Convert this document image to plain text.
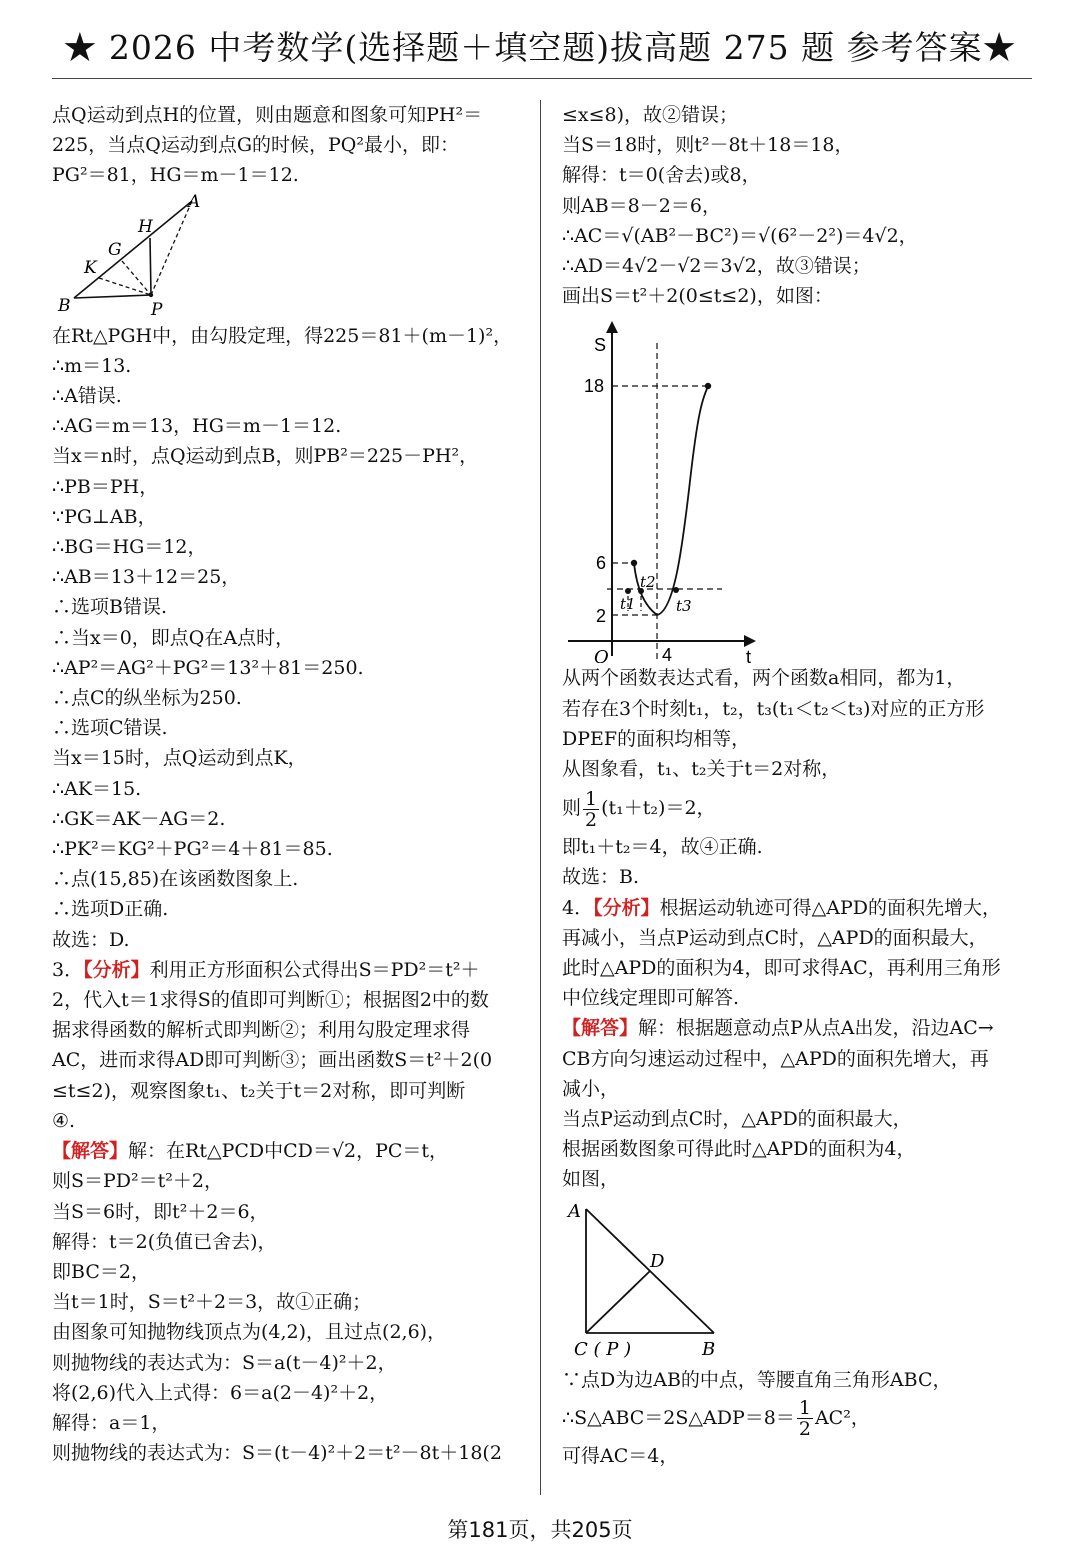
★ 2026 中考数学(选择题＋填空题)拔高题 275 题 参考答案★
点Q运动到点H的位置，则由题意和图象可知PH²＝
225，当点Q运动到点G的时候，PQ²最小，即：
PG²＝81，HG＝m－1＝12.
A
H
G
K
B	P
在Rt△PGH中，由勾股定理，得225＝81＋(m－1)²，
∴m＝13.
∴A错误.
∴AG＝m＝13，HG＝m－1＝12.
当x＝n时，点Q运动到点B，则PB²＝225－PH²，
∴PB＝PH，
∵PG⊥AB，
∴BG＝HG＝12，
∴AB＝13＋12＝25，
∴选项B错误.
∴当x＝0，即点Q在A点时，
∴AP²＝AG²＋PG²＝13²＋81＝250.
∴点C的纵坐标为250.
∴选项C错误.
当x＝15时，点Q运动到点K，
∴AK＝15.
∴GK＝AK－AG＝2.
∴PK²＝KG²＋PG²＝4＋81＝85.
∴点(15,85)在该函数图象上.
∴选项D正确.
故选：D.
3．【分析】利用正方形面积公式得出S＝PD²＝t²＋
2，代入t＝1求得S的值即可判断①；根据图2中的数
据求得函数的解析式即判断②；利用勾股定理求得
AC，进而求得AD即可判断③；画出函数S＝t²＋2(0
≤t≤2)，观察图象t₁、t₂关于t＝2对称，即可判断
④.
【解答】解：在Rt△PCD中CD＝√2，PC＝t，
则S＝PD²＝t²＋2，
当S＝6时，即t²＋2＝6，
解得：t＝2(负值已舍去)，
即BC＝2，
当t＝1时，S＝t²＋2＝3，故①正确；
由图象可知抛物线顶点为(4,2)，且过点(2,6)，
则抛物线的表达式为：S＝a(t－4)²＋2，
将(2,6)代入上式得：6＝a(2－4)²＋2，
解得：a＝1，
则抛物线的表达式为：S＝(t－4)²＋2＝t²－8t＋18(2
≤x≤8)，故②错误；
当S＝18时，则t²－8t＋18＝18，
解得：t＝0(舍去)或8，
则AB＝8－2＝6，
∴AC＝√(AB²－BC²)＝√(6²－2²)＝4√2，
∴AD＝4√2－√2＝3√2，故③错误；
画出S＝t²＋2(0≤t≤2)，如图：
S
t
O
18
6
2
4
t1
t2
t3
从两个函数表达式看，两个函数a相同，都为1，
若存在3个时刻t₁，t₂，t₃(t₁＜t₂＜t₃)对应的正方形
DPEF的面积均相等，
从图象看，t₁、t₂关于t＝2对称，
则 $\frac{1}{2} (t_1+t_2)=2$，
即t₁＋t₂＝4，故④正确.
故选：B.
4．【分析】根据运动轨迹可得△APD的面积先增大，
再减小，当点P运动到点C时，△APD的面积最大，
此时△APD的面积为4，即可求得AC，再利用三角形
中位线定理即可解答.
【解答】解：根据题意动点P从点A出发，沿边AC→
CB方向匀速运动过程中，△APD的面积先增大，再
减小，
当点P运动到点C时，△APD的面积最大，
根据函数图象可得此时△APD的面积为4，
如图，
A
D
C ( P )	B
∵点D为边AB的中点，等腰直角三角形ABC，
∴S△ABC＝2S△ADP＝8＝ $\frac{1}{2} AC^2$，
可得AC＝4，
第181页，共205页
